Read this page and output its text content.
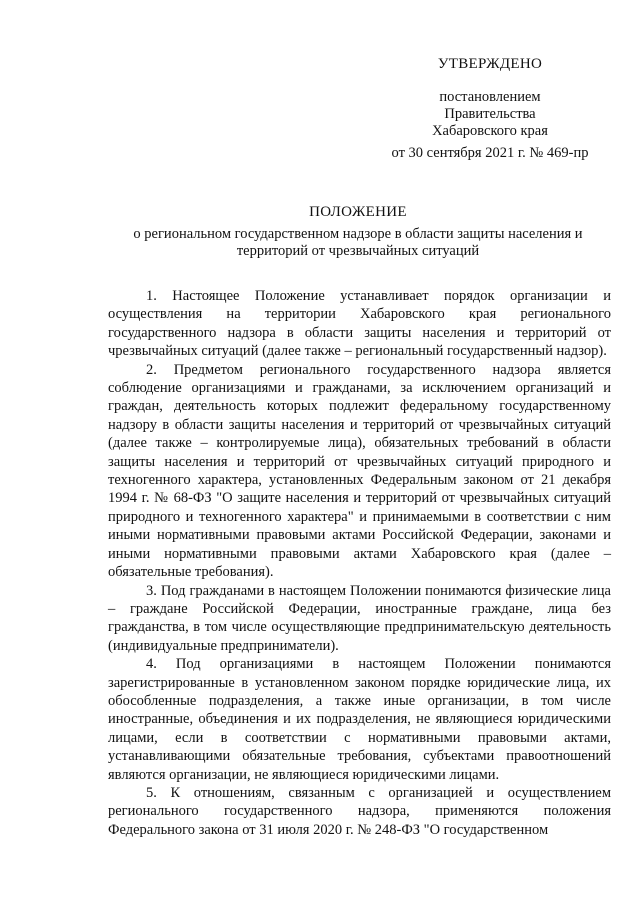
УТВЕРЖДЕНО
постановлением
Правительства
Хабаровского края
от 30 сентября 2021 г. № 469-пр
ПОЛОЖЕНИЕ
о региональном государственном надзоре в области защиты населения и
территорий от чрезвычайных ситуаций

1. Настоящее Положение устанавливает порядок организации и осуществления на территории Хабаровского края регионального государственного надзора в области защиты населения и территорий от чрезвычайных ситуаций (далее также – региональный государственный надзор).

2. Предметом регионального государственного надзора является соблюдение организациями и гражданами, за исключением организаций и граждан, деятельность которых подлежит федеральному государственному надзору в области защиты населения и территорий от чрезвычайных ситуаций (далее также – контролируемые лица), обязательных требований в области защиты населения и территорий от чрезвычайных ситуаций природного и техногенного характера, установленных Федеральным законом от 21 декабря 1994 г. № 68-ФЗ "О защите населения и территорий от чрезвычайных ситуаций природного и техногенного характера" и принимаемыми в соответствии с ним иными нормативными правовыми актами Российской Федерации, законами и иными нормативными правовыми актами Хабаровского края (далее – обязательные требования).

3. Под гражданами в настоящем Положении понимаются физические лица – граждане Российской Федерации, иностранные граждане, лица без гражданства, в том числе осуществляющие предпринимательскую деятельность (индивидуальные предприниматели).

4. Под организациями в настоящем Положении понимаются зарегистрированные в установленном законом порядке юридические лица, их обособленные подразделения, а также иные организации, в том числе иностранные, объединения и их подразделения, не являющиеся юридическими лицами, если в соответствии с нормативными правовыми актами, устанавливающими обязательные требования, субъектами правоотношений являются организации, не являющиеся юридическими лицами.

5. К отношениям, связанным с организацией и осуществлением регионального государственного надзора, применяются положения Федерального закона от 31 июля 2020 г. № 248-ФЗ "О государственном
